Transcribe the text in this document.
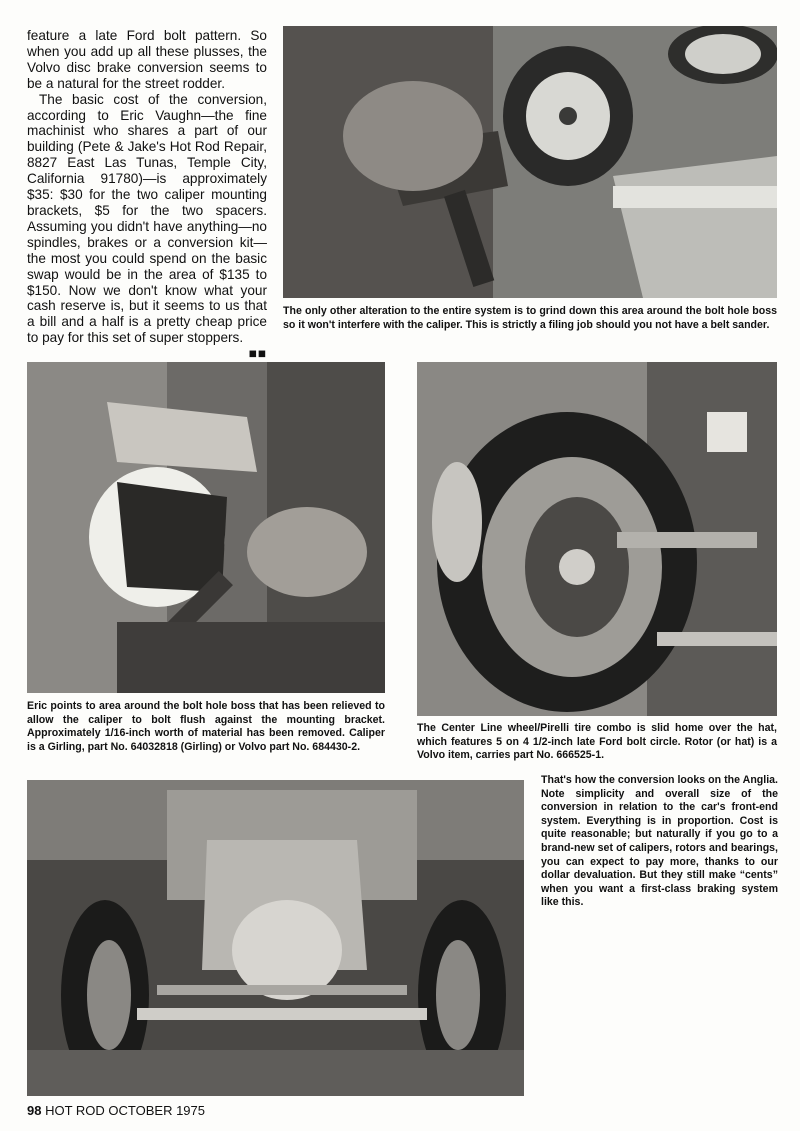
feature a late Ford bolt pattern. So when you add up all these plusses, the Volvo disc brake conversion seems to be a natural for the street rodder.

The basic cost of the conversion, according to Eric Vaughn—the fine machinist who shares a part of our building (Pete & Jake's Hot Rod Repair, 8827 East Las Tunas, Temple City, California 91780)—is approximately $35: $30 for the two caliper mounting brackets, $5 for the two spacers. Assuming you didn't have anything—no spindles, brakes or a conversion kit—the most you could spend on the basic swap would be in the area of $135 to $150. Now we don't know what your cash reserve is, but it seems to us that a bill and a half is a pretty cheap price to pay for this set of super stoppers.
■■

The only other alteration to the entire system is to grind down this area around the bolt hole boss so it won't interfere with the caliper. This is strictly a filing job should you not have a belt sander.
Eric points to area around the bolt hole boss that has been relieved to allow the caliper to bolt flush against the mounting bracket. Approximately 1/16-inch worth of material has been removed. Caliper is a Girling, part No. 64032818 (Girling) or Volvo part No. 684430-2.
The Center Line wheel/Pirelli tire combo is slid home over the hat, which features 5 on 4 1/2-inch late Ford bolt circle. Rotor (or hat) is a Volvo item, carries part No. 666525-1.
That's how the conversion looks on the Anglia. Note simplicity and overall size of the conversion in relation to the car's front-end system. Everything is in proportion. Cost is quite reasonable; but naturally if you go to a brand-new set of calipers, rotors and bearings, you can expect to pay more, thanks to our dollar devaluation. But they still make “cents” when you want a first-class braking system like this.
98 HOT ROD OCTOBER 1975
